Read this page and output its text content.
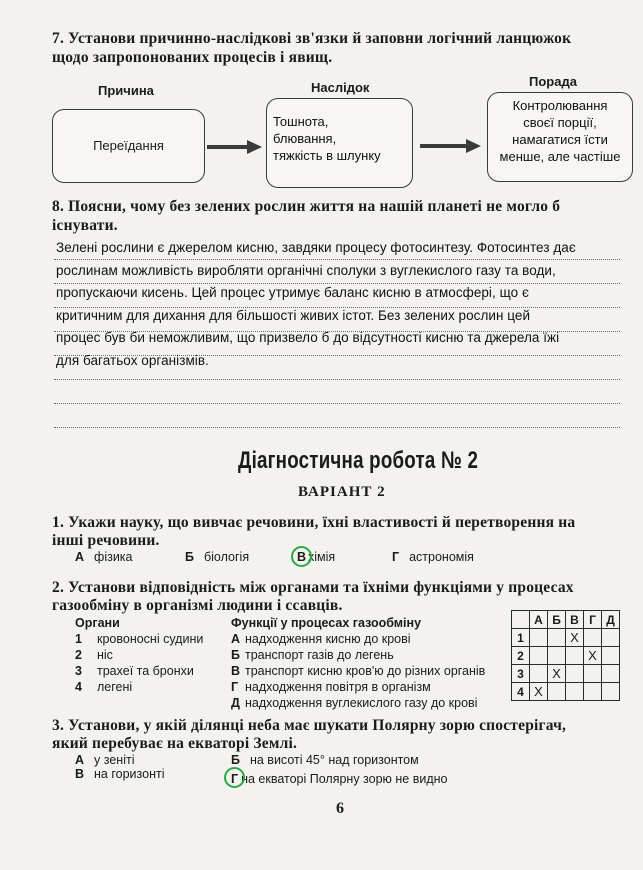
7. Установи причинно-наслідкові зв'язки й заповни логічний ланцюжок
щодо запропонованих процесів і явищ.
Причина	Наслідок	Порада
Переїдання
Тошнота,
блювання,
тяжкість в шлунку
Контролювання
своєї порції,
намагатися їсти
менше, але частіше
8. Поясни, чому без зелених рослин життя на нашій планеті не могло б
існувати.
Зелені рослини є джерелом кисню, завдяки процесу фотосинтезу. Фотосинтез дає
рослинам можливість виробляти органічні сполуки з вуглекислого газу та води,
пропускаючи кисень. Цей процес утримує баланс кисню в атмосфері, що є
критичним для дихання для більшості живих істот. Без зелених рослин цей
процес був би неможливим, що призвело б до відсутності кисню та джерела їжі
для багатьох організмів.
Діагностична робота № 2
ВАРІАНТ 2
1. Укажи науку, що вивчає речовини, їхні властивості й перетворення на
інші речовини.
А фізика	Б біологія	В хімія	Г астрономія
2. Установи відповідність між органами та їхніми функціями у процесах
газообміну в організмі людини і ссавців.
Органи
1 кровоносні судини
2 ніс
3 трахеї та бронхи
4 легені
Функції у процесах газообміну
А надходження кисню до крові
Б транспорт газів до легень
В транспорт кисню кров'ю до різних органів
Г надходження повітря в організм
Д надходження вуглекислого газу до крові
	А	Б	В	Г	Д
1			X		
2				X	
3		X			
4	X				
3. Установи, у якій ділянці неба має шукати Полярну зорю спостерігач,
який перебуває на екваторі Землі.
А у зеніті	Б на висоті 45° над горизонтом
В на горизонті	Г на екваторі Полярну зорю не видно
6
